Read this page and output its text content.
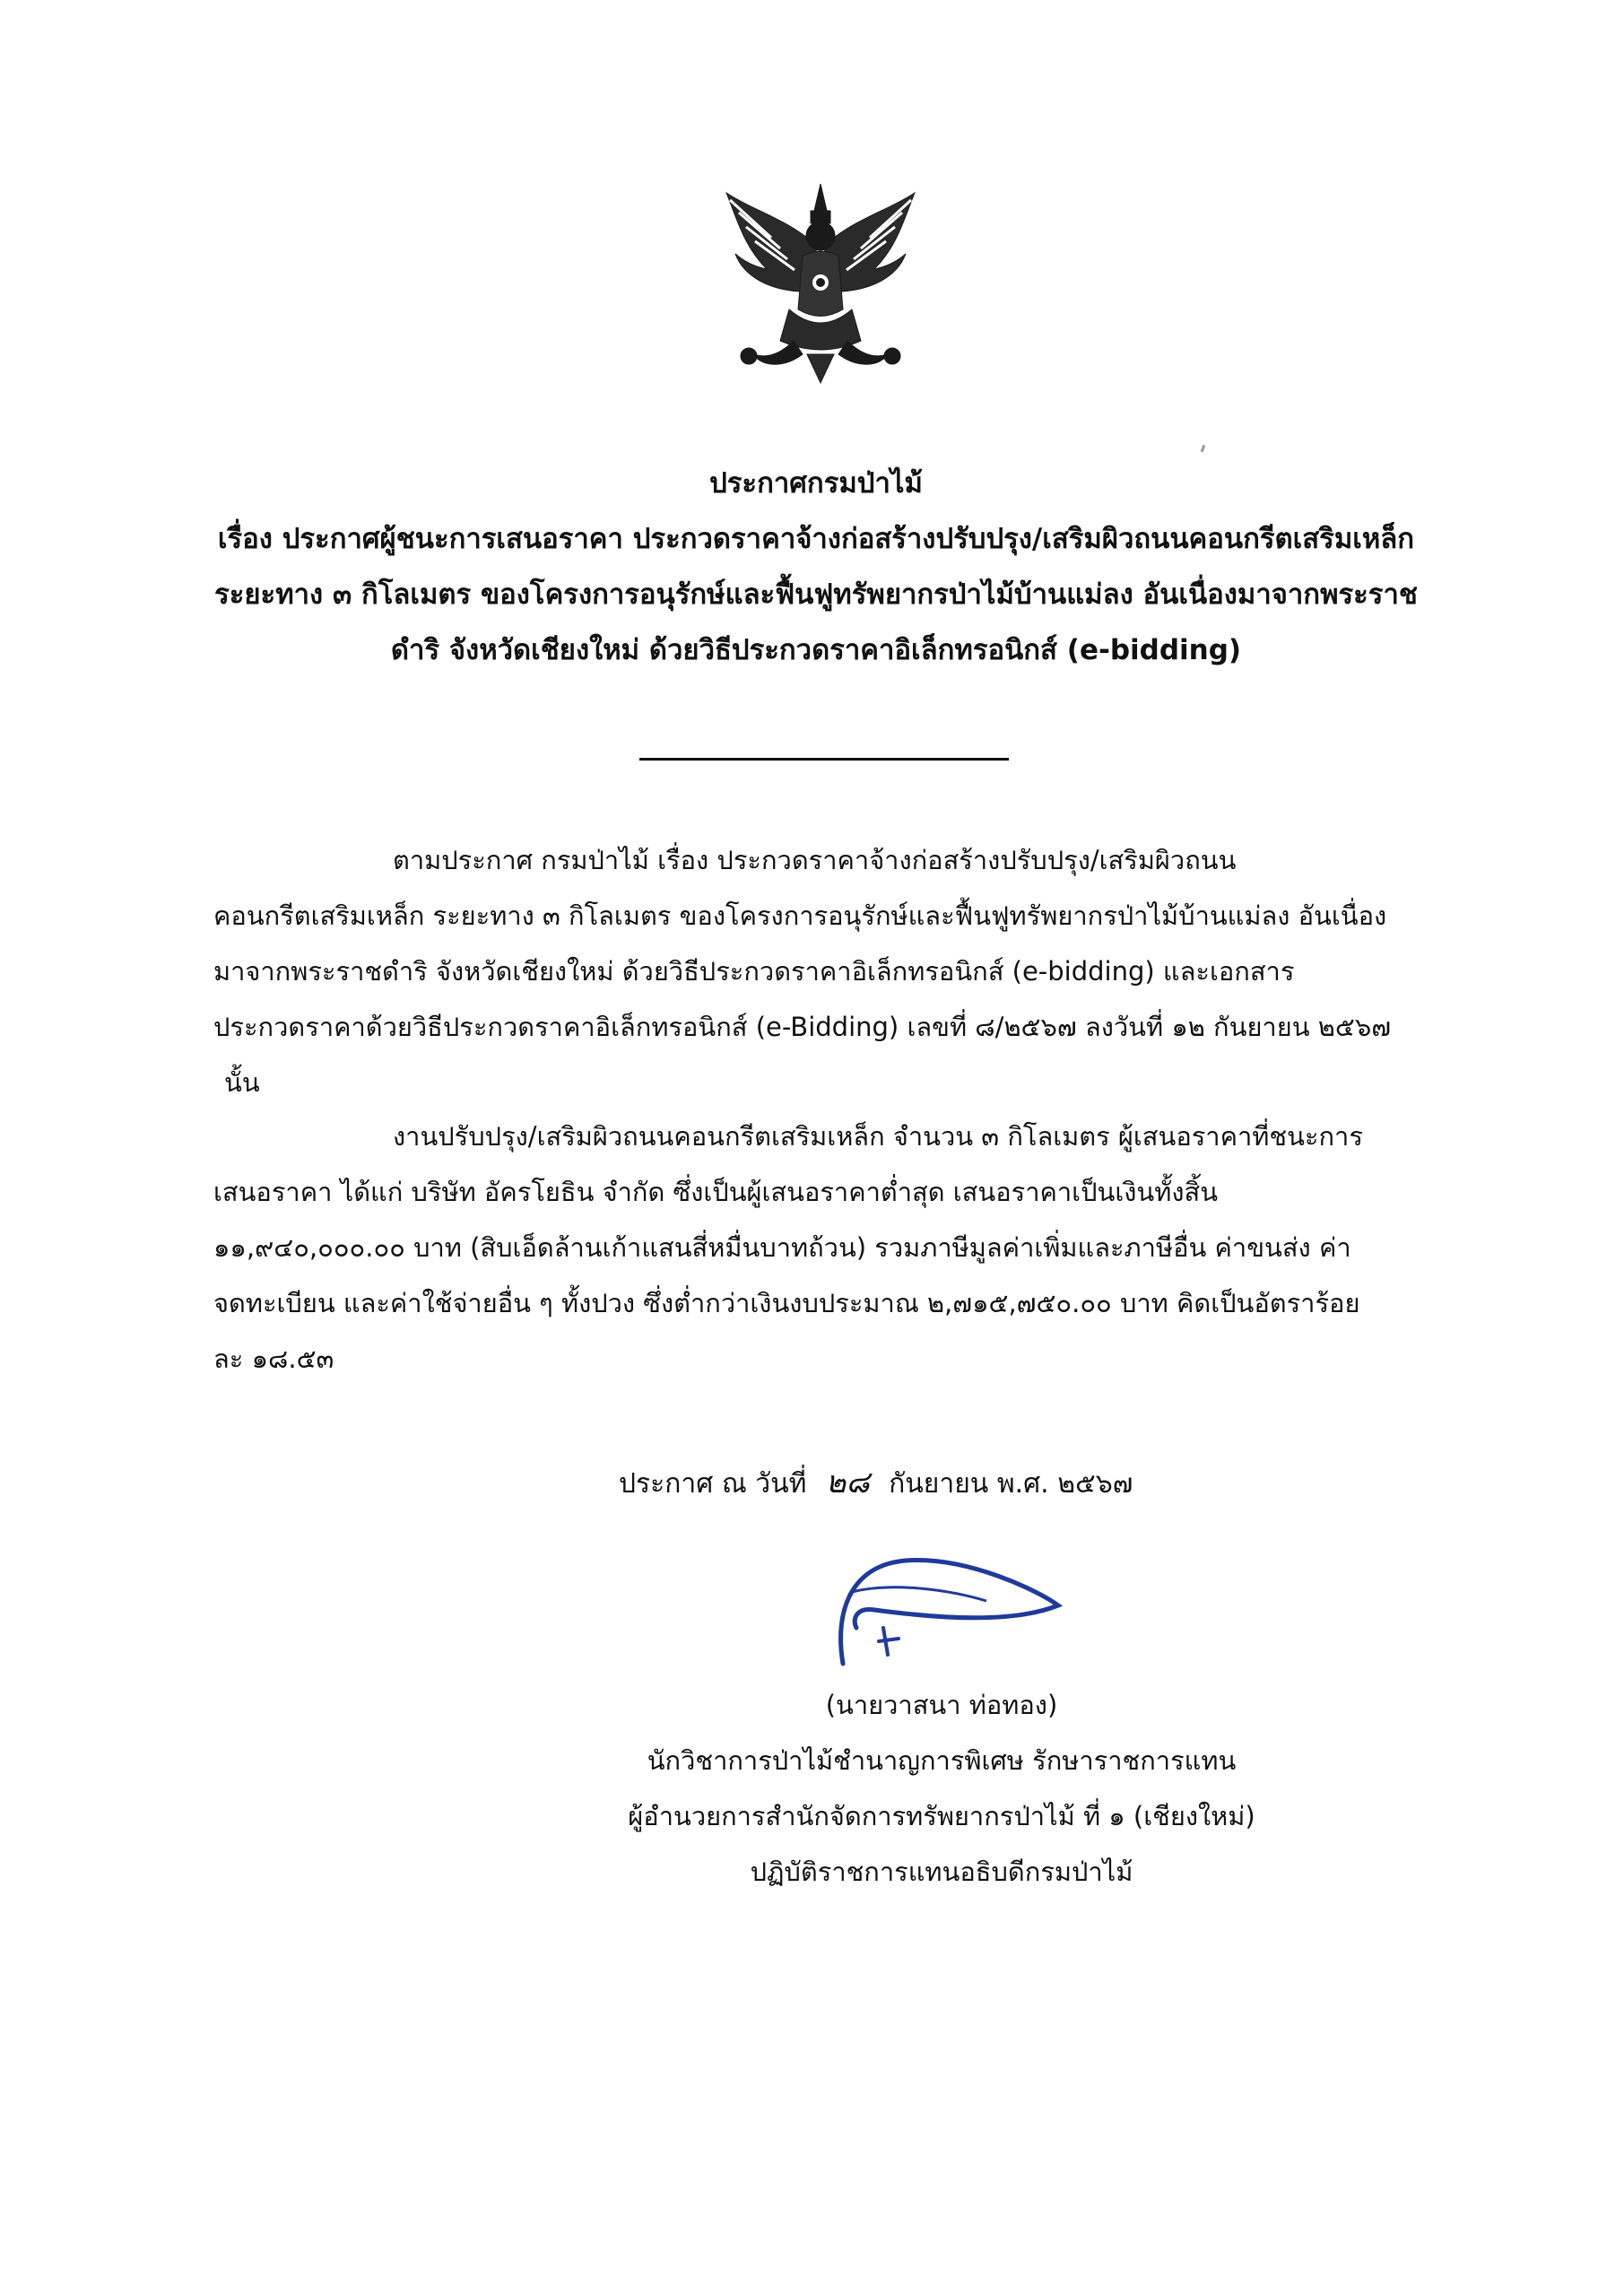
ประกาศกรมป่าไม้
เรื่อง ประกาศผู้ชนะการเสนอราคา ประกวดราคาจ้างก่อสร้างปรับปรุง/เสริมผิวถนนคอนกรีตเสริมเหล็ก
ระยะทาง ๓ กิโลเมตร ของโครงการอนุรักษ์และฟื้นฟูทรัพยากรป่าไม้บ้านแม่ลง อันเนื่องมาจากพระราช
ดำริ จังหวัดเชียงใหม่ ด้วยวิธีประกวดราคาอิเล็กทรอนิกส์ (e-bidding)
ตามประกาศ กรมป่าไม้ เรื่อง ประกวดราคาจ้างก่อสร้างปรับปรุง/เสริมผิวถนน
คอนกรีตเสริมเหล็ก ระยะทาง ๓ กิโลเมตร ของโครงการอนุรักษ์และฟื้นฟูทรัพยากรป่าไม้บ้านแม่ลง อันเนื่อง
มาจากพระราชดำริ จังหวัดเชียงใหม่ ด้วยวิธีประกวดราคาอิเล็กทรอนิกส์ (e-bidding) และเอกสาร
ประกวดราคาด้วยวิธีประกวดราคาอิเล็กทรอนิกส์ (e-Bidding) เลขที่ ๘/๒๕๖๗ ลงวันที่ ๑๒ กันยายน ๒๕๖๗
นั้น
งานปรับปรุง/เสริมผิวถนนคอนกรีตเสริมเหล็ก จำนวน ๓ กิโลเมตร ผู้เสนอราคาที่ชนะการ
เสนอราคา ได้แก่ บริษัท อัครโยธิน จำกัด ซึ่งเป็นผู้เสนอราคาต่ำสุด เสนอราคาเป็นเงินทั้งสิ้น
๑๑,๙๔๐,๐๐๐.๐๐ บาท (สิบเอ็ดล้านเก้าแสนสี่หมื่นบาทถ้วน) รวมภาษีมูลค่าเพิ่มและภาษีอื่น ค่าขนส่ง ค่า
จดทะเบียน และค่าใช้จ่ายอื่น ๆ ทั้งปวง ซึ่งต่ำกว่าเงินงบประมาณ ๒,๗๑๕,๗๕๐.๐๐ บาท คิดเป็นอัตราร้อย
ละ ๑๘.๕๓
ประกาศ ณ วันที่ ๒๘ กันยายน พ.ศ. ๒๕๖๗
(นายวาสนา ท่อทอง)
นักวิชาการป่าไม้ชำนาญการพิเศษ รักษาราชการแทน
ผู้อำนวยการสำนักจัดการทรัพยากรป่าไม้ ที่ ๑ (เชียงใหม่)
ปฏิบัติราชการแทนอธิบดีกรมป่าไม้
